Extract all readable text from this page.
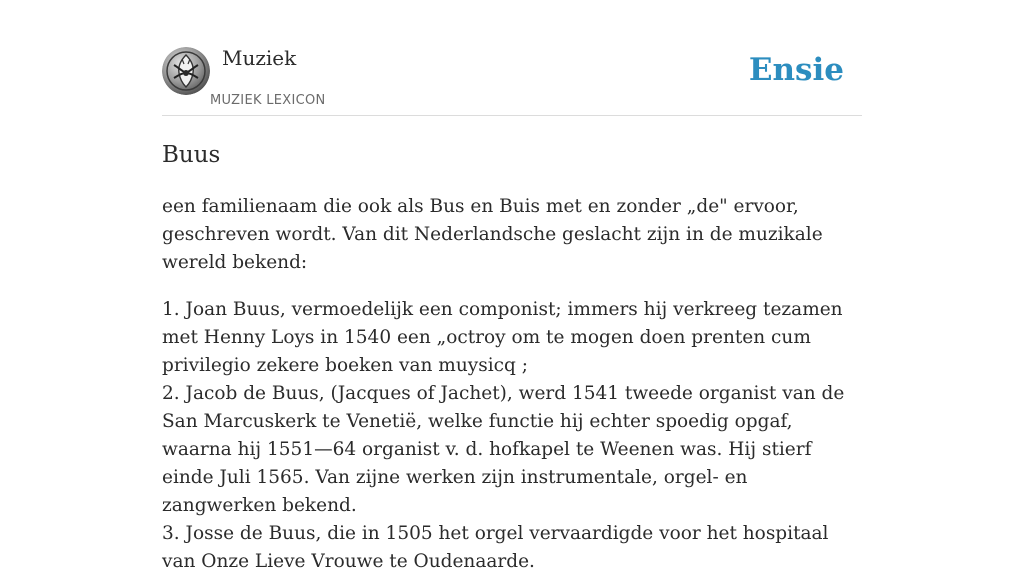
Muziek
MUZIEK LEXICON
Ensie
Buus

een familienaam die ook als Bus en Buis met en zonder „de" ervoor, geschreven wordt. Van dit Nederlandsche geslacht zijn in de muzikale wereld bekend:

1. Joan Buus, vermoedelijk een componist; immers hij verkreeg tezamen met Henny Loys in 1540 een „octroy om te mogen doen prenten cum privilegio zekere boeken van muysicq ;

2. Jacob de Buus, (Jacques of Jachet), werd 1541 tweede organist van de San Marcuskerk te Venetië, welke functie hij echter spoedig opgaf, waarna hij 1551—64 organist v. d. hofkapel te Weenen was. Hij stierf einde Juli 1565. Van zijne werken zijn instrumentale, orgel- en zangwerken bekend.

3. Josse de Buus, die in 1505 het orgel vervaardigde voor het hospitaal van Onze Lieve Vrouwe te Oudenaarde.
